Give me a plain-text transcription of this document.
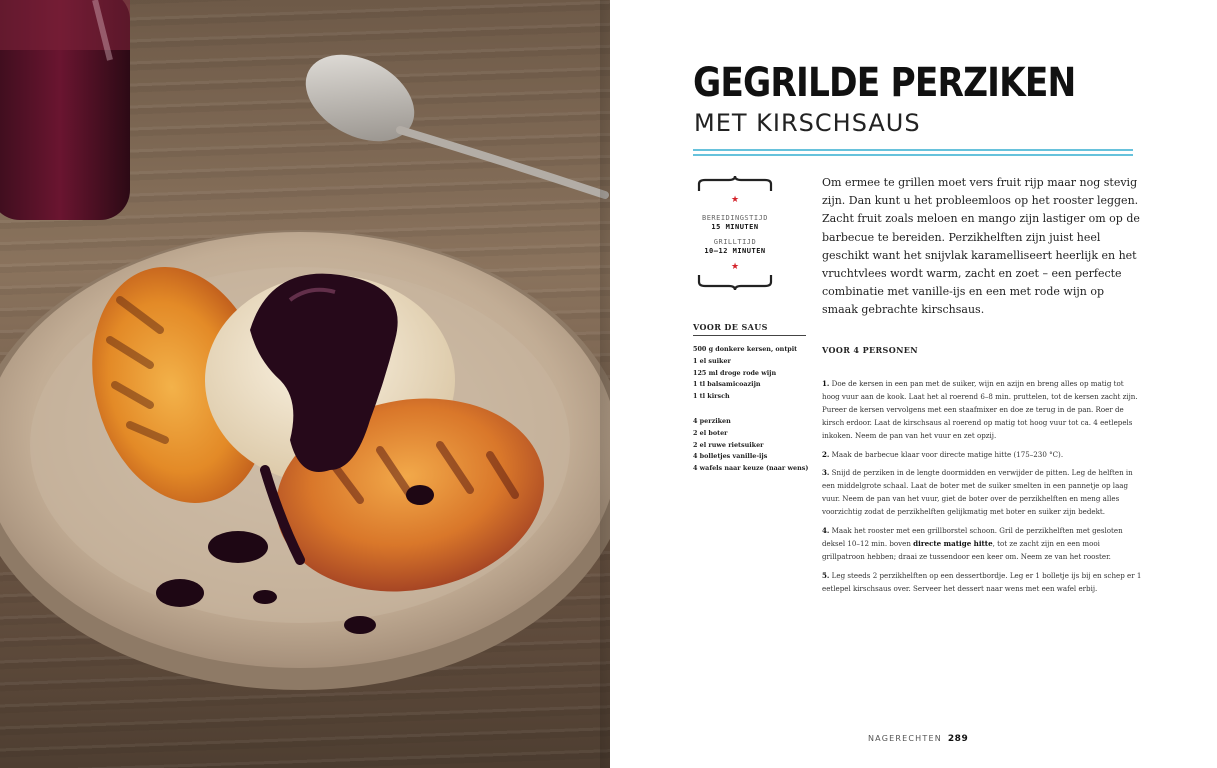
GEGRILDE PERZIKEN
MET KIRSCHSAUS
★
BEREIDINGSTIJD
15 MINUTEN
GRILLTIJD
10–12 MINUTEN
★

Om ermee te grillen moet vers fruit rijp maar nog stevig zijn. Dan kunt u het probleemloos op het rooster leggen. Zacht fruit zoals meloen en mango zijn lastiger om op de barbecue te bereiden. Perzikhelften zijn juist heel geschikt want het snijvlak karamelliseert heerlijk en het vruchtvlees wordt warm, zacht en zoet – een perfecte combinatie met vanille-ijs en een met rode wijn op smaak gebrachte kirschsaus.

VOOR DE SAUS
500 g donkere kersen, ontpit
1 el suiker
125 ml droge rode wijn
1 tl balsamicoazijn
1 tl kirsch
4 perziken
2 el boter
2 el ruwe rietsuiker
4 bolletjes vanille-ijs
4 wafels naar keuze (naar wens)
VOOR 4 PERSONEN
1. Doe de kersen in een pan met de suiker, wijn en azijn en breng alles op matig tot hoog vuur aan de kook. Laat het al roerend 6–8 min. pruttelen, tot de kersen zacht zijn. Pureer de kersen vervolgens met een staafmixer en doe ze terug in de pan. Roer de kirsch erdoor. Laat de kirschsaus al roerend op matig tot hoog vuur tot ca. 4 eetlepels inkoken. Neem de pan van het vuur en zet opzij.
2. Maak de barbecue klaar voor directe matige hitte (175–230 °C).
3. Snijd de perziken in de lengte doormidden en verwijder de pitten. Leg de helften in een middelgrote schaal. Laat de boter met de suiker smelten in een pannetje op laag vuur. Neem de pan van het vuur, giet de boter over de perzikhelften en meng alles voorzichtig zodat de perzikhelften gelijkmatig met boter en suiker zijn bedekt.
4. Maak het rooster met een grillborstel schoon. Gril de perzikhelften met gesloten deksel 10–12 min. boven directe matige hitte, tot ze zacht zijn en een mooi grillpatroon hebben; draai ze tussendoor een keer om. Neem ze van het rooster.
5. Leg steeds 2 perzikhelften op een dessertbordje. Leg er 1 bolletje ijs bij en schep er 1 eetlepel kirschsaus over. Serveer het dessert naar wens met een wafel erbij.
NAGERECHTEN 289
